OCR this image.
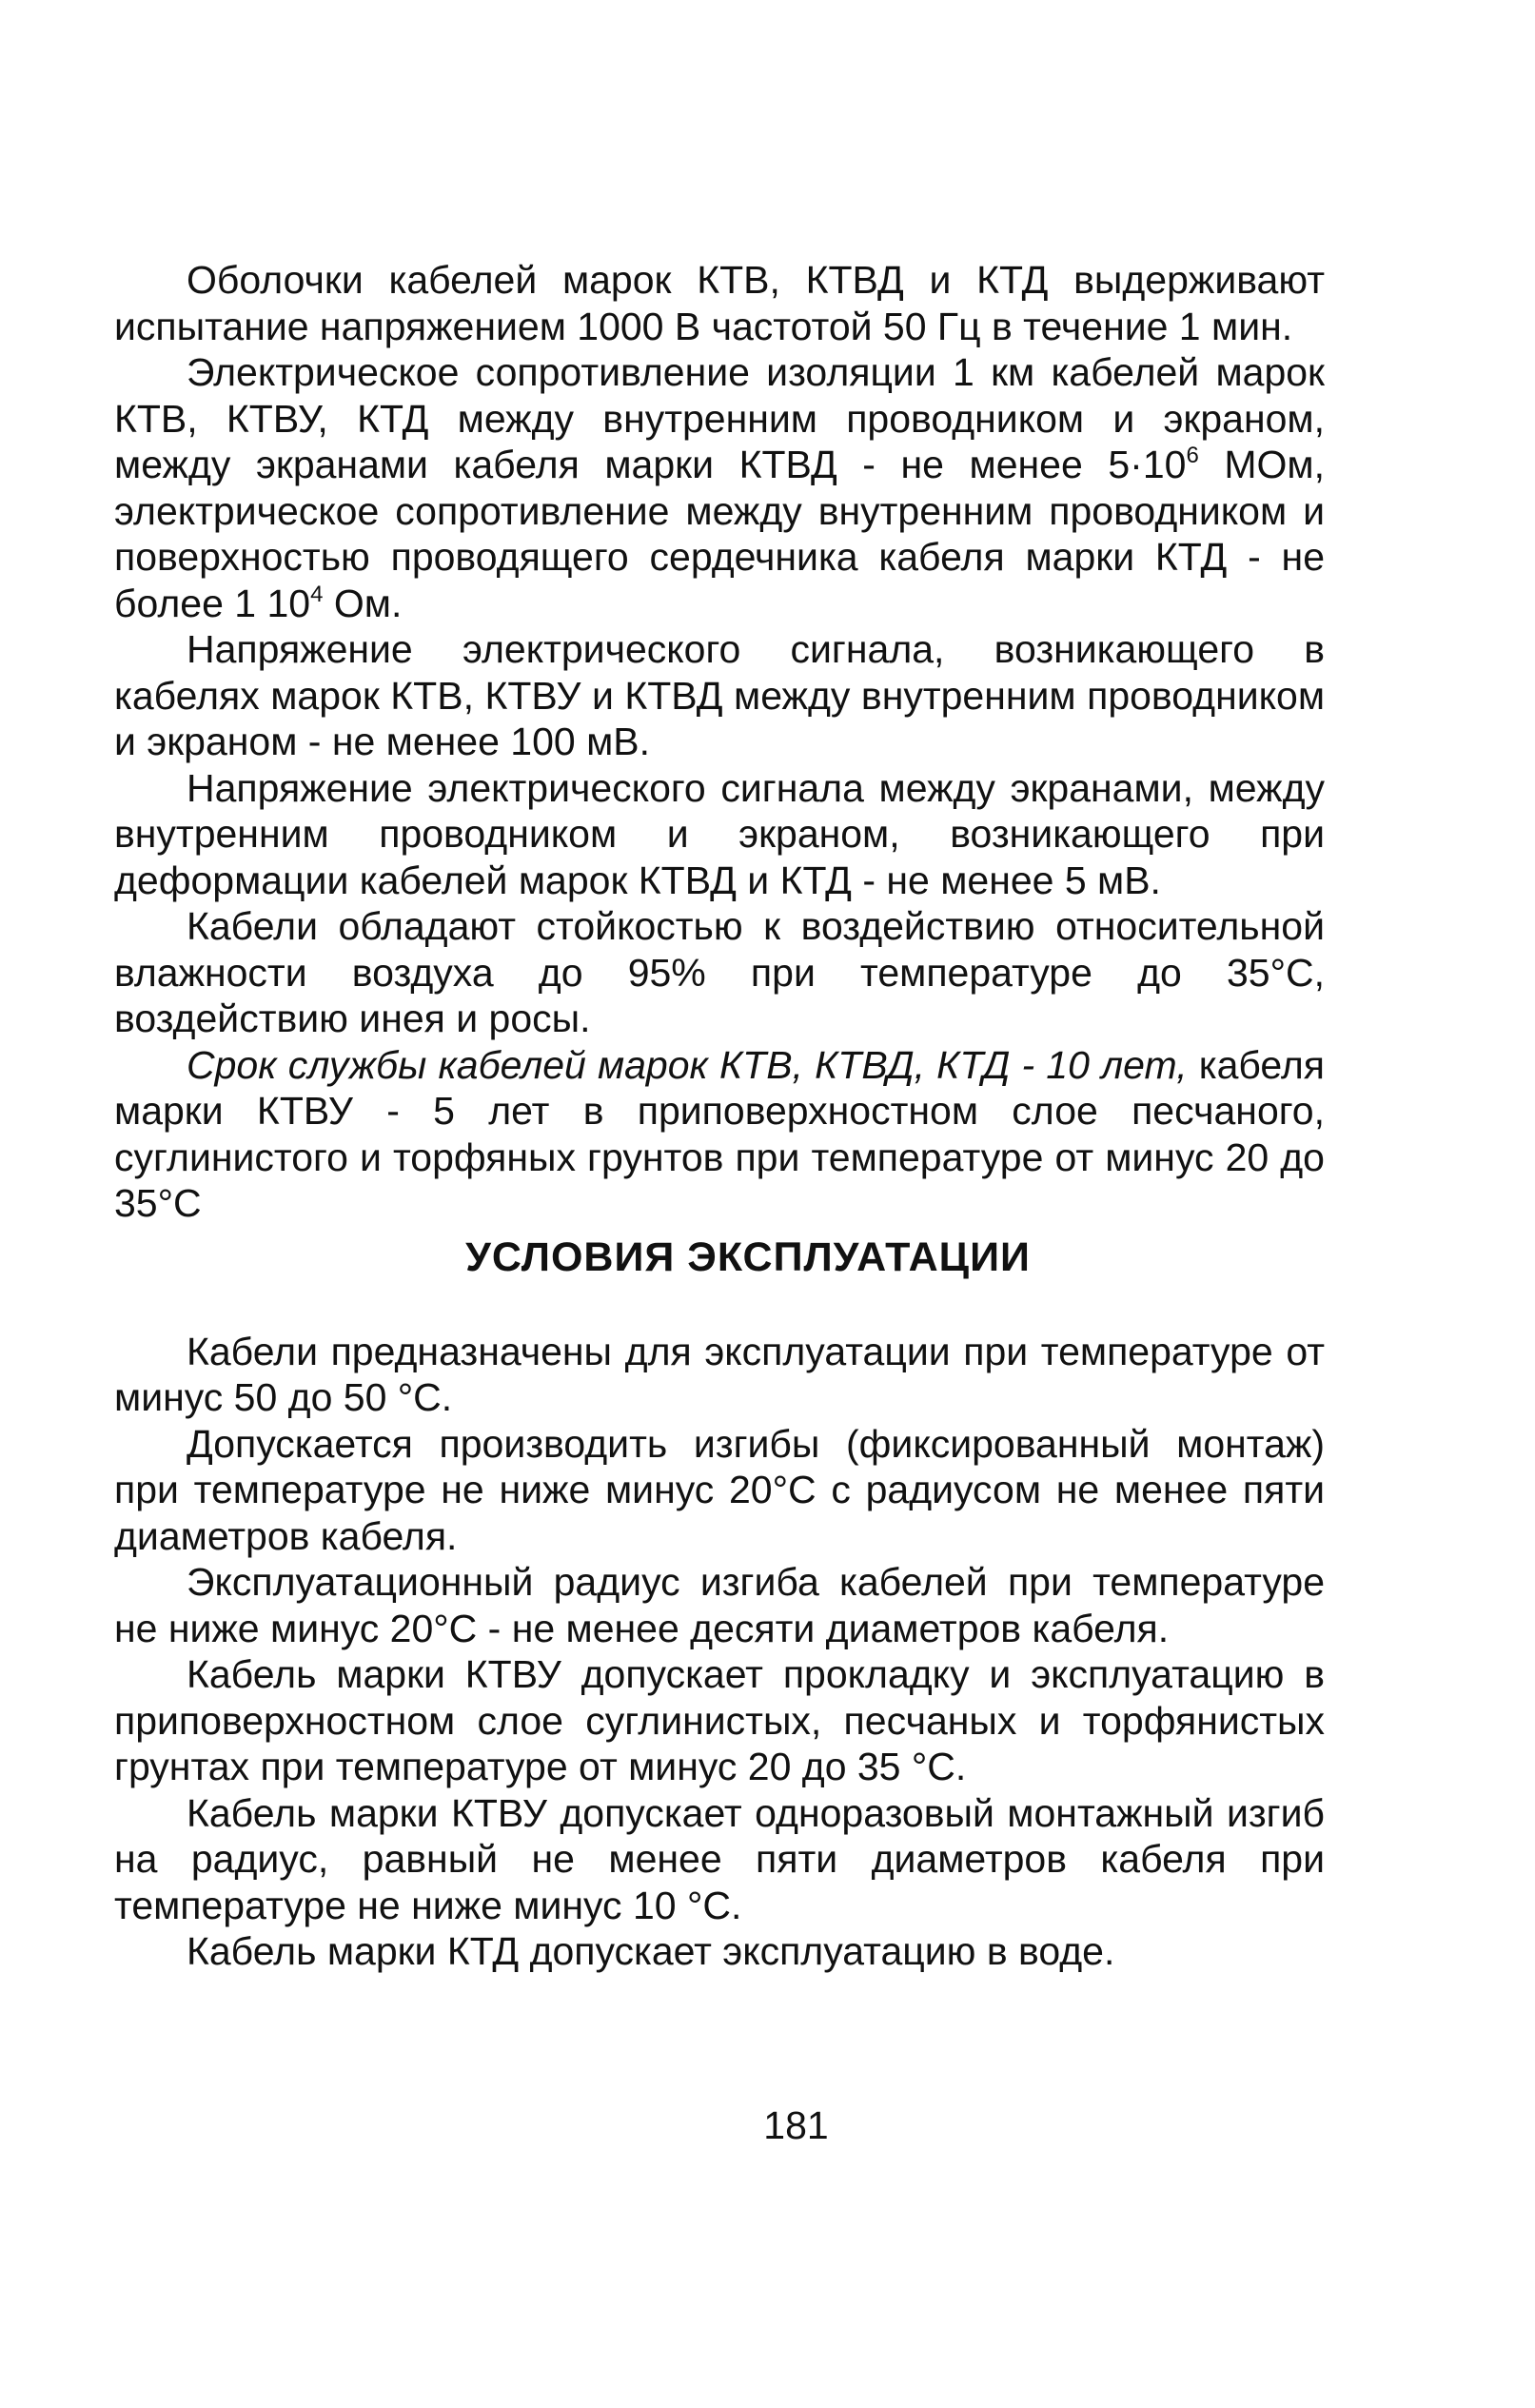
Оболочки кабелей марок КТВ, КТВД и КТД выдерживают испытание напряжением 1000 В частотой 50 Гц в течение 1 мин.

Электрическое сопротивление изоляции 1 км кабелей марок КТВ, КТВУ, КТД между внутренним проводником и экраном, между экранами кабеля марки КТВД - не менее $5\cdot 10^6$ МОм, электрическое сопротивление между внутренним проводником и поверхностью проводящего сердечника кабеля марки КТД - не более 1 $10^4$ Ом.

Напряжение электрического сигнала, возникающего в кабелях марок КТВ, КТВУ и КТВД между внутренним проводником и экраном - не менее 100 мВ.

Напряжение электрического сигнала между экранами, между внутренним проводником и экраном, возникающего при деформации кабелей марок КТВД и КТД - не менее 5 мВ.

Кабели обладают стойкостью к воздействию относительной влажности воздуха до 95% при температуре до 35°С, воздействию инея и росы.

Срок службы кабелей марок КТВ, КТВД, КТД - 10 лет, кабеля марки КТВУ - 5 лет в приповерхностном слое песчаного, суглинистого и торфяных грунтов при температуре от минус 20 до 35°С

УСЛОВИЯ ЭКСПЛУАТАЦИИ

Кабели предназначены для эксплуатации при температуре от минус 50 до 50 °С.

Допускается производить изгибы (фиксированный монтаж) при температуре не ниже минус 20°С с радиусом не менее пяти диаметров кабеля.

Эксплуатационный радиус изгиба кабелей при температуре не ниже минус 20°С - не менее десяти диаметров кабеля.

Кабель марки КТВУ допускает прокладку и эксплуатацию в приповерхностном слое суглинистых, песчаных и торфянистых грунтах при температуре от минус 20 до 35 °С.

Кабель марки КТВУ допускает одноразовый монтажный изгиб на радиус, равный не менее пяти диаметров кабеля при температуре не ниже минус 10 °С.

Кабель марки КТД допускает эксплуатацию в воде.

181
